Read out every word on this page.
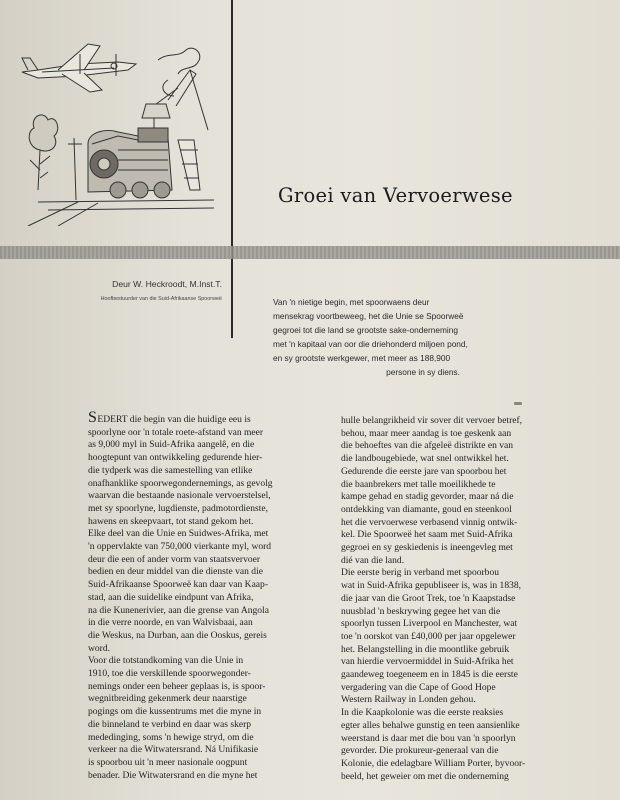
Groei van Vervoerwese
Deur W. Heckroodt, M.Inst.T.
Hoofbestuurder van die Suid-Afrikaanse Spoorweë	Van 'n nietige begin, met spoorwaens deur
mensekrag voortbeweeg, het die Unie se Spoorweë
gegroei tot die land se grootste sake-onderneming
met 'n kapitaal van oor die driehonderd miljoen pond,
en sy grootste werkgewer, met meer as 188,900
persone in sy diens.
SEDERT die begin van die huidige eeu is
spoorlyne oor 'n totale roete-afstand van meer
as 9,000 myl in Suid-Afrika aangelê, en die
hoogtepunt van ontwikkeling gedurende hier-
die tydperk was die samestelling van etlike
onafhanklike spoorwegondernemings, as gevolg
waarvan die bestaande nasionale vervoerstelsel,
met sy spoorlyne, lugdienste, padmotordienste,
hawens en skeepvaart, tot stand gekom het.
Elke deel van die Unie en Suidwes-Afrika, met
'n oppervlakte van 750,000 vierkante myl, word
deur die een of ander vorm van staatsvervoer
bedien en deur middel van die dienste van die
Suid-Afrikaanse Spoorweë kan daar van Kaap-
stad, aan die suidelike eindpunt van Afrika,
na die Kunenerivier, aan die grense van Angola
in die verre noorde, en van Walvisbaai, aan
die Weskus, na Durban, aan die Ooskus, gereis
word.
Voor die totstandkoming van die Unie in
1910, toe die verskillende spoorwegonder-
nemings onder een beheer geplaas is, is spoor-
wegnitbreiding gekenmerk deur naarstige
pogings om die kussentrums met die myne in
die binneland te verbind en daar was skerp
mededinging, soms 'n hewige stryd, om die
verkeer na die Witwatersrand. Ná Unifikasie
is spoorbou uit 'n meer nasionale oogpunt
benader. Die Witwatersrand en die myne het
hulle belangrikheid vir sover dit vervoer betref,
behou, maar meer aandag is toe geskenk aan
die behoeftes van die afgeleë distrikte en van
die landbougebiede, wat snel ontwikkel het.
Gedurende die eerste jare van spoorbou het
die baanbrekers met talle moeilikhede te
kampe gehad en stadig gevorder, maar ná die
ontdekking van diamante, goud en steenkool
het die vervoerwese verbasend vinnig ontwik-
kel. Die Spoorweë het saam met Suid-Afrika
gegroei en sy geskiedenis is ineengevleg met
dié van die land.
Die eerste berig in verband met spoorbou
wat in Suid-Afrika gepubliseer is, was in 1838,
die jaar van die Groot Trek, toe 'n Kaapstadse
nuusblad 'n beskrywing gegee het van die
spoorlyn tussen Liverpool en Manchester, wat
toe 'n oorskot van £40,000 per jaar opgelewer
het. Belangstelling in die moontlike gebruik
van hierdie vervoermiddel in Suid-Afrika het
gaandeweg toegeneem en in 1845 is die eerste
vergadering van die Cape of Good Hope
Western Railway in Londen gehou.
In die Kaapkolonie was die eerste reaksies
egter alles behalwe gunstig en teen aansienlike
weerstand is daar met die bou van 'n spoorlyn
gevorder. Die prokureur-generaal van die
Kolonie, die edelagbare William Porter, byvoor-
beeld, het geweier om met die onderneming
